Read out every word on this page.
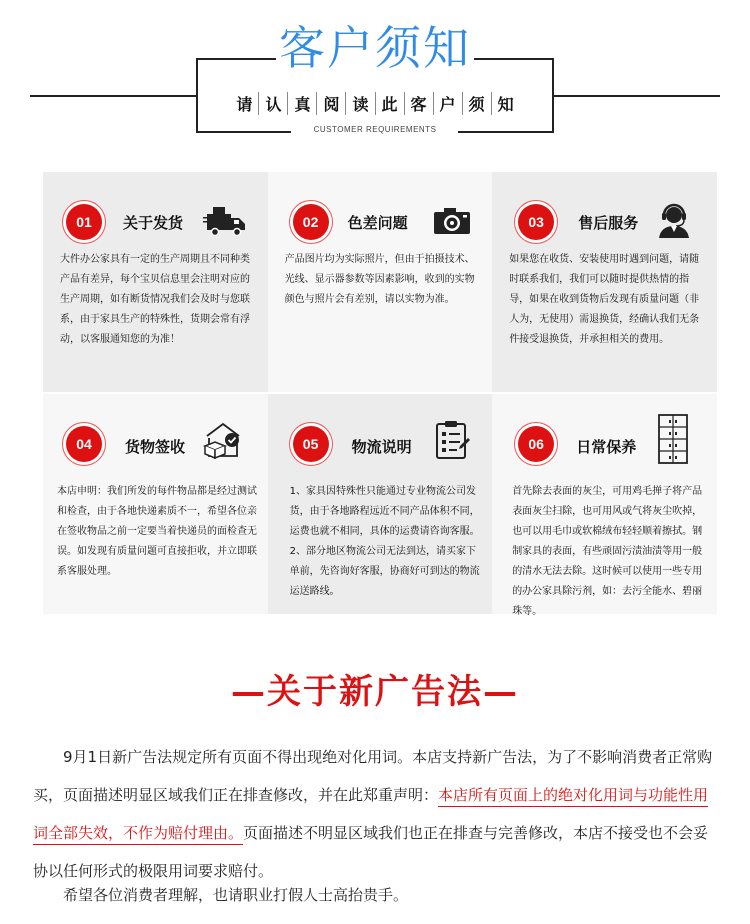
客户须知
请 认 真 阅 读 此 客 户 须 知
CUSTOMER REQUIREMENTS
01	关于发货
大件办公家具有一定的生产周期且不同种类产品有差异，每个宝贝信息里会注明对应的生产周期，如有断货情况我们会及时与您联系，由于家具生产的特殊性，货期会常有浮动，以客服通知您的为准！
02	色差问题
产品图片均为实际照片，但由于拍摄技术、光线、显示器参数等因素影响，收到的实物颜色与照片会有差别，请以实物为准。
03	售后服务
如果您在收货、安装使用时遇到问题，请随时联系我们，我们可以随时提供热情的指导，如果在收到货物后发现有质量问题（非人为，无使用）需退换货，经确认我们无条件接受退换货，并承担相关的费用。
04	货物签收
本店申明：我们所发的每件物品都是经过测试和检查，由于各地快递素质不一，希望各位亲在签收物品之前一定要当着快递员的面检查无误。如发现有质量问题可直接拒收，并立即联系客服处理。
05	物流说明
1、家具因特殊性只能通过专业物流公司发货，由于各地路程远近不同产品体积不同，运费也就不相同，具体的运费请咨询客服。
2、部分地区物流公司无法到达，请买家下单前，先咨询好客服，协商好可到达的物流运送路线。
06	日常保养
首先除去表面的灰尘，可用鸡毛掸子将产品表面灰尘扫除，也可用风或气将灰尘吹掉，也可以用毛巾或软棉绒布轻轻顺着擦拭。钢制家具的表面，有些顽固污渍油渍等用一般的清水无法去除。这时候可以使用一些专用的办公家具除污剂，如：去污全能水、碧丽珠等。
—关于新广告法—
9月1日新广告法规定所有页面不得出现绝对化用词。本店支持新广告法，为了不影响消费者正常购买，页面描述明显区域我们正在排查修改，并在此郑重声明：本店所有页面上的绝对化用词与功能性用词全部失效，不作为赔付理由。页面描述不明显区域我们也正在排查与完善修改，本店不接受也不会妥协以任何形式的极限用词要求赔付。
希望各位消费者理解，也请职业打假人士高抬贵手。
